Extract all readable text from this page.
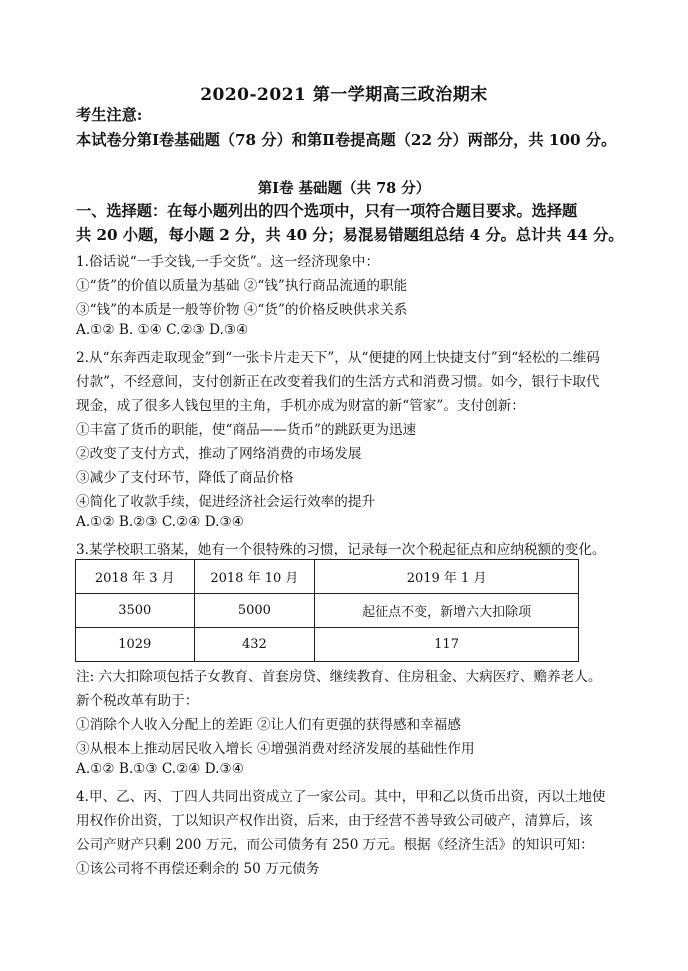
2020-2021 第一学期高三政治期末
考生注意:
本试卷分第Ⅰ卷基础题（78 分）和第Ⅱ卷提高题（22 分）两部分，共 100 分。
第Ⅰ卷 基础题（共 78 分）
一、选择题：在每小题列出的四个选项中，只有一项符合题目要求。选择题
共 20 小题，每小题 2 分，共 40 分；易混易错题组总结 4 分。总计共 44 分。
1.俗话说“一手交钱,一手交货”。这一经济现象中：
①“货”的价值以质量为基础 ②“钱”执行商品流通的职能
③“钱”的本质是一般等价物 ④“货”的价格反映供求关系
A.①② B. ①④ C.②③ D.③④
2.从“东奔西走取现金”到“一张卡片走天下”，从“便捷的网上快捷支付”到“轻松的二维码
付款”，不经意间，支付创新正在改变着我们的生活方式和消费习惯。如今，银行卡取代
现金，成了很多人钱包里的主角，手机亦成为财富的新“管家”。支付创新：
①丰富了货币的职能，使“商品——货币”的跳跃更为迅速
②改变了支付方式，推动了网络消费的市场发展
③减少了支付环节，降低了商品价格
④简化了收款手续，促进经济社会运行效率的提升
A.①② B.②③ C.②④ D.③④
3.某学校职工骆某，她有一个很特殊的习惯，记录每一次个税起征点和应纳税额的变化。
2018 年 3 月	2018 年 10 月	2019 年 1 月
3500	5000	起征点不变，新增六大扣除项
1029	432	117
注: 六大扣除项包括子女教育、首套房贷、继续教育、住房租金、大病医疗、赡养老人。
新个税改革有助于：
①消除个人收入分配上的差距 ②让人们有更强的获得感和幸福感
③从根本上推动居民收入增长 ④增强消费对经济发展的基础性作用
A.①② B.①③ C.②④ D.③④
4.甲、乙、丙、丁四人共同出资成立了一家公司。其中，甲和乙以货币出资，丙以土地使
用权作价出资，丁以知识产权作出资，后来，由于经营不善导致公司破产，清算后，该
公司产财产只剩 200 万元，而公司债务有 250 万元。根据《经济生活》的知识可知：
①该公司将不再偿还剩余的 50 万元债务
